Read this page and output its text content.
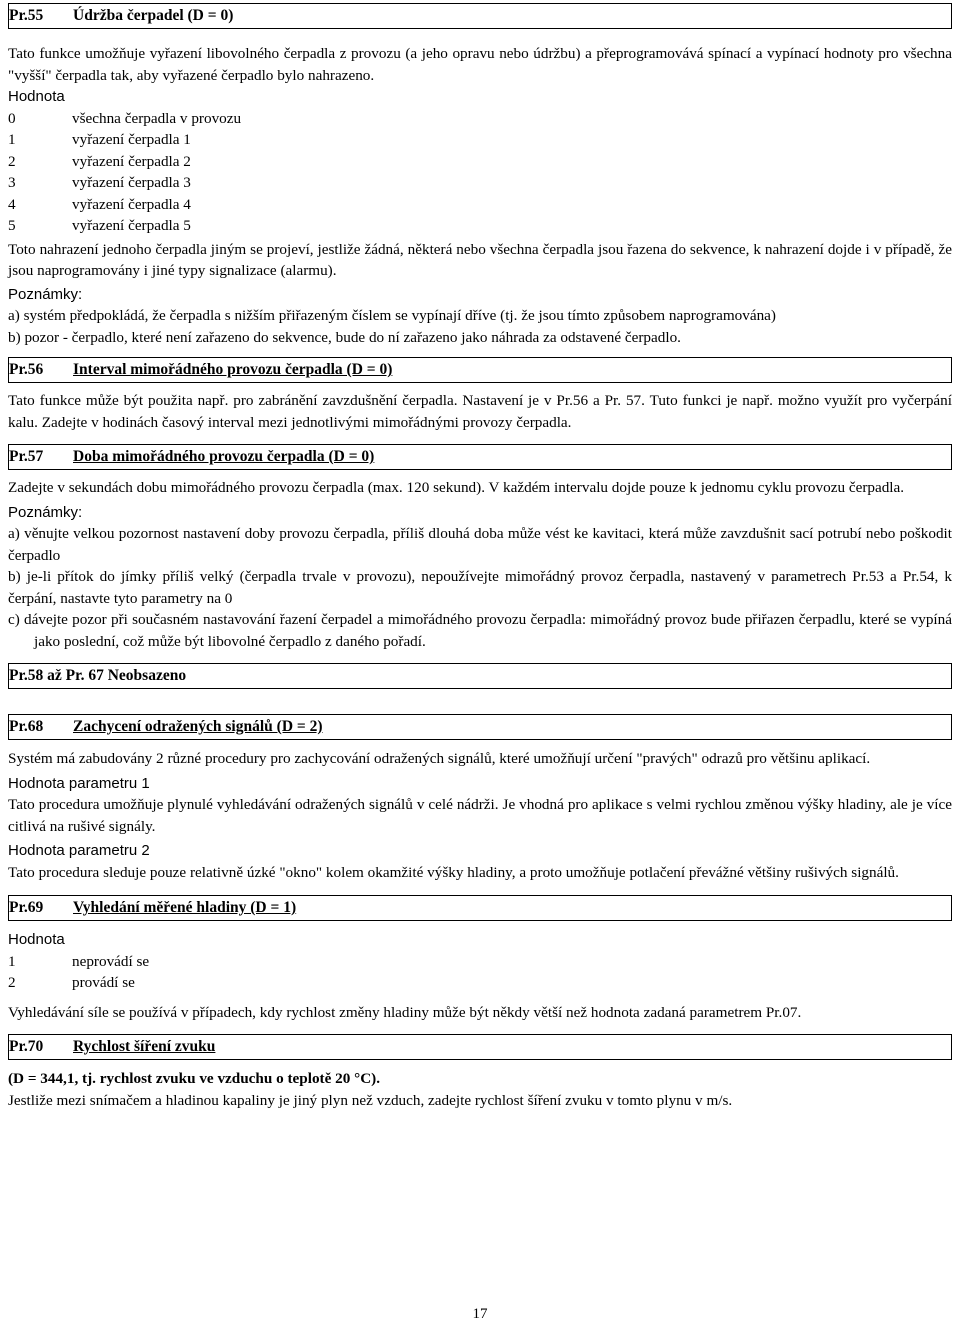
Pr.55 Údržba čerpadel (D = 0)

Tato funkce umožňuje vyřazení libovolného čerpadla z provozu (a jeho opravu nebo údržbu) a přeprogramovává spínací a vypínací hodnoty pro všechna "vyšší" čerpadla tak, aby vyřazené čerpadlo bylo nahrazeno.

Hodnota
0	všechna čerpadla v provozu
1	vyřazení čerpadla 1
2	vyřazení čerpadla 2
3	vyřazení čerpadla 3
4	vyřazení čerpadla 4
5	vyřazení čerpadla 5

Toto nahrazení jednoho čerpadla jiným se projeví, jestliže žádná, některá nebo všechna čerpadla jsou řazena do sekvence, k nahrazení dojde i v případě, že jsou naprogramovány i jiné typy signalizace (alarmu).

Poznámky:

a) systém předpokládá, že čerpadla s nižším přiřazeným číslem se vypínají dříve (tj. že jsou tímto způsobem naprogramována)

b) pozor - čerpadlo, které není zařazeno do sekvence, bude do ní zařazeno jako náhrada za odstavené čerpadlo.

Pr.56 Interval mimořádného provozu čerpadla (D = 0)

Tato funkce může být použita např. pro zabránění zavzdušnění čerpadla. Nastavení je v Pr.56 a Pr. 57. Tuto funkci je např. možno využít pro vyčerpání kalu. Zadejte v hodinách časový interval mezi jednotlivými mimořádnými provozy čerpadla.

Pr.57 Doba mimořádného provozu čerpadla (D = 0)

Zadejte v sekundách dobu mimořádného provozu čerpadla (max. 120 sekund). V každém intervalu dojde pouze k jednomu cyklu provozu čerpadla.

Poznámky:

a) věnujte velkou pozornost nastavení doby provozu čerpadla, příliš dlouhá doba může vést ke kavitaci, která může zavzdušnit sací potrubí nebo poškodit čerpadlo

b) je-li přítok do jímky příliš velký (čerpadla trvale v provozu), nepoužívejte mimořádný provoz čerpadla, nastavený v parametrech Pr.53 a Pr.54, k čerpání, nastavte tyto parametry na 0

c) dávejte pozor při současném nastavování řazení čerpadel a mimořádného provozu čerpadla: mimořádný provoz bude přiřazen čerpadlu, které se vypíná jako poslední, což může být libovolné čerpadlo z daného pořadí.

Pr.58 až Pr. 67 Neobsazeno
Pr.68 Zachycení odražených signálů (D = 2)

Systém má zabudovány 2 různé procedury pro zachycování odražených signálů, které umožňují určení "pravých" odrazů pro většinu aplikací.

Hodnota parametru 1

Tato procedura umožňuje plynulé vyhledávání odražených signálů v celé nádrži. Je vhodná pro aplikace s velmi rychlou změnou výšky hladiny, ale je více citlivá na rušivé signály.

Hodnota parametru 2

Tato procedura sleduje pouze relativně úzké "okno" kolem okamžité výšky hladiny, a proto umožňuje potlačení převážné většiny rušivých signálů.

Pr.69 Vyhledání měřené hladiny (D = 1)
Hodnota
1	neprovádí se
2	provádí se

Vyhledávání síle se používá v případech, kdy rychlost změny hladiny může být někdy větší než hodnota zadaná parametrem Pr.07.

Pr.70 Rychlost šíření zvuku

(D = 344,1, tj. rychlost zvuku ve vzduchu o teplotě 20 °C).

Jestliže mezi snímačem a hladinou kapaliny je jiný plyn než vzduch, zadejte rychlost šíření zvuku v tomto plynu v m/s.

17
